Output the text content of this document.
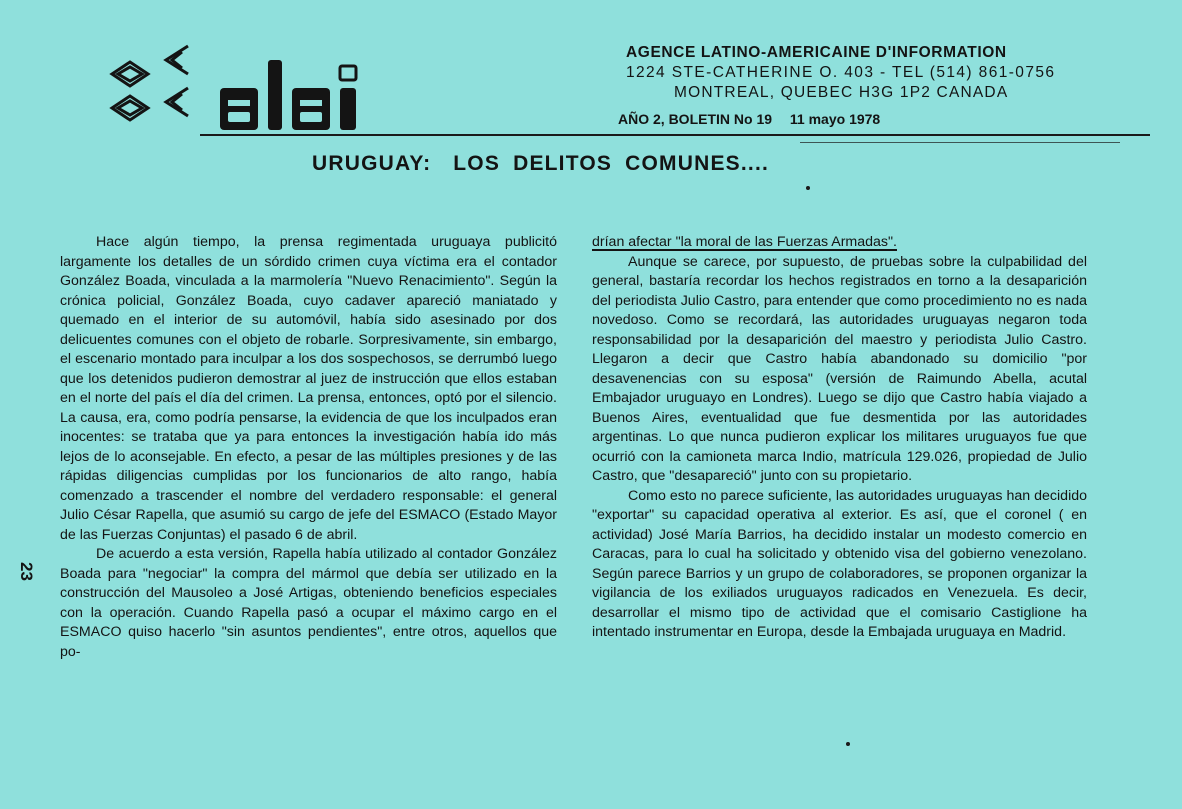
AGENCE LATINO-AMERICAINE D'INFORMATION
1224 STE-CATHERINE O. 403 - TEL (514) 861-0756
MONTREAL, QUEBEC H3G 1P2 CANADA
AÑO 2, BOLETIN No 19 11 mayo 1978
URUGUAY: LOS DELITOS COMUNES....
23

Hace algún tiempo, la prensa regimentada uruguaya publicitó largamente los detalles de un sórdido crimen cuya víctima era el contador González Boada, vinculada a la marmolería "Nuevo Renacimiento". Según la crónica policial, González Boada, cuyo cadaver apareció maniatado y quemado en el interior de su automóvil, había sido asesinado por dos delicuentes comunes con el objeto de robarle. Sorpresivamente, sin embargo, el escenario montado para inculpar a los dos sospechosos, se derrumbó luego que los detenidos pudieron demostrar al juez de instrucción que ellos estaban en el norte del país el día del crimen. La prensa, entonces, optó por el silencio. La causa, era, como podría pensarse, la evidencia de que los inculpados eran inocentes: se trataba que ya para entonces la investigación había ido más lejos de lo aconsejable. En efecto, a pesar de las múltiples presiones y de las rápidas diligencias cumplidas por los funcionarios de alto rango, había comenzado a trascender el nombre del verdadero responsable: el general Julio César Rapella, que asumió su cargo de jefe del ESMACO (Estado Mayor de las Fuerzas Conjuntas) el pasado 6 de abril.

De acuerdo a esta versión, Rapella había utilizado al contador González Boada para "negociar" la compra del mármol que debía ser utilizado en la construcción del Mausoleo a José Artigas, obteniendo beneficios especiales con la operación. Cuando Rapella pasó a ocupar el máximo cargo en el ESMACO quiso hacerlo "sin asuntos pendientes", entre otros, aquellos que po-

drían afectar "la moral de las Fuerzas Armadas".

Aunque se carece, por supuesto, de pruebas sobre la culpabilidad del general, bastaría recordar los hechos registrados en torno a la desaparición del periodista Julio Castro, para entender que como procedimiento no es nada novedoso. Como se recordará, las autoridades uruguayas negaron toda responsabilidad por la desaparición del maestro y periodista Julio Castro. Llegaron a decir que Castro había abandonado su domicilio "por desavenencias con su esposa" (versión de Raimundo Abella, acutal Embajador uruguayo en Londres). Luego se dijo que Castro había viajado a Buenos Aires, eventualidad que fue desmentida por las autoridades argentinas. Lo que nunca pudieron explicar los militares uruguayos fue que ocurrió con la camioneta marca Indio, matrícula 129.026, propiedad de Julio Castro, que "desapareció" junto con su propietario.

Como esto no parece suficiente, las autoridades uruguayas han decidido "exportar" su capacidad operativa al exterior. Es así, que el coronel ( en actividad) José María Barrios, ha decidido instalar un modesto comercio en Caracas, para lo cual ha solicitado y obtenido visa del gobierno venezolano. Según parece Barrios y un grupo de colaboradores, se proponen organizar la vigilancia de los exiliados uruguayos radicados en Venezuela. Es decir, desarrollar el mismo tipo de actividad que el comisario Castiglione ha intentado instrumentar en Europa, desde la Embajada uruguaya en Madrid.
